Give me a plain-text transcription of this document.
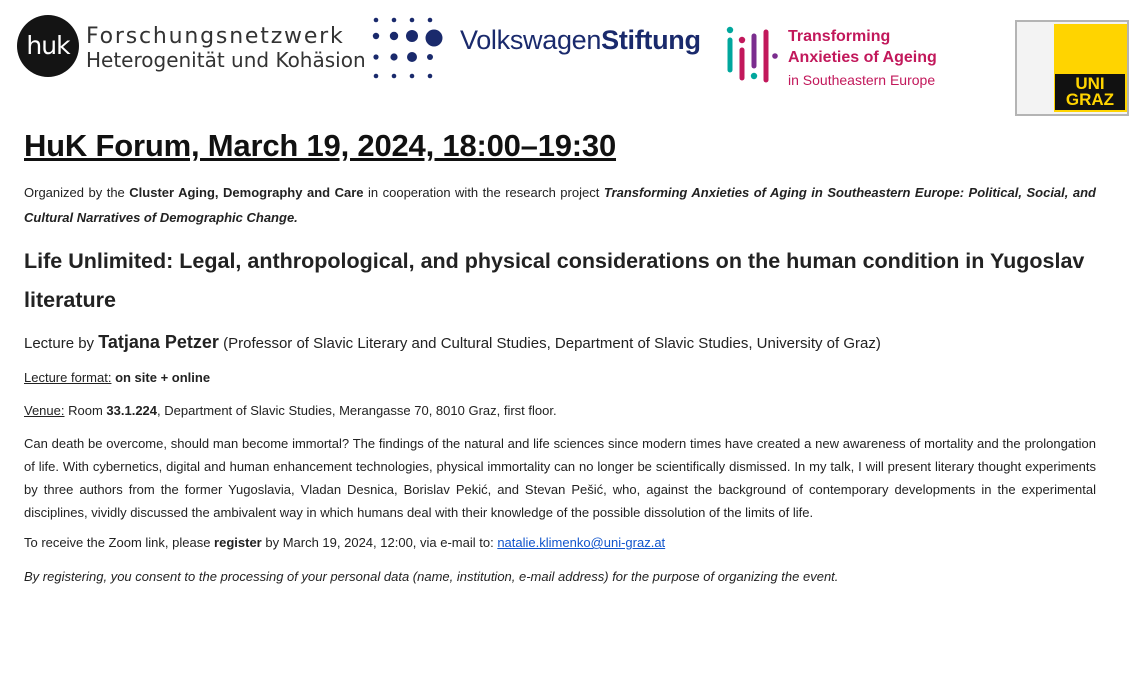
huk Forschungsnetzwerk
Heterogenität und Kohäsion
VolkswagenStiftung	Transforming
Anxieties of Ageing
in Southeastern Europe	UNI
GRAZ
HuK Forum, March 19, 2024, 18:00–19:30

Organized by the Cluster Aging, Demography and Care in cooperation with the research project Transforming Anxieties of Aging in Southeastern Europe: Political, Social, and Cultural Narratives of Demographic Change.

Life Unlimited: Legal, anthropological, and physical considerations on the human condition in Yugoslav literature

Lecture by Tatjana Petzer (Professor of Slavic Literary and Cultural Studies, Department of Slavic Studies, University of Graz)

Lecture format: on site + online

Venue: Room 33.1.224, Department of Slavic Studies, Merangasse 70, 8010 Graz, first floor.

Can death be overcome, should man become immortal? The findings of the natural and life sciences since modern times have created a new awareness of mortality and the prolongation of life. With cybernetics, digital and human enhancement technologies, physical immortality can no longer be scientifically dismissed. In my talk, I will present literary thought experiments by three authors from the former Yugoslavia, Vladan Desnica, Borislav Pekić, and Stevan Pešić, who, against the background of contemporary developments in the experimental disciplines, vividly discussed the ambivalent way in which humans deal with their knowledge of the possible dissolution of the limits of life.

To receive the Zoom link, please register by March 19, 2024, 12:00, via e-mail to: natalie.klimenko@uni-graz.at

By registering, you consent to the processing of your personal data (name, institution, e-mail address) for the purpose of organizing the event.
